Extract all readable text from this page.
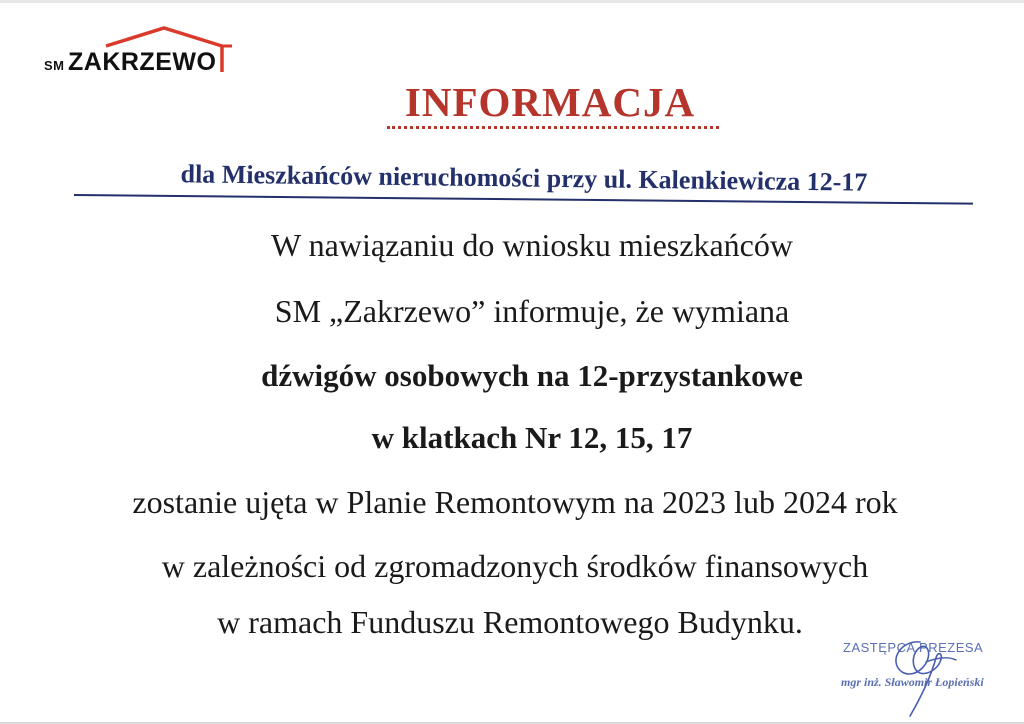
SM ZAKRZEWO
INFORMACJA
dla Mieszkańców nieruchomości przy ul. Kalenkiewicza 12-17
W nawiązaniu do wniosku mieszkańców
SM „Zakrzewo” informuje, że wymiana
dźwigów osobowych na 12-przystankowe
w klatkach Nr 12, 15, 17
zostanie ujęta w Planie Remontowym na 2023 lub 2024 rok
w zależności od zgromadzonych środków finansowych
w ramach Funduszu Remontowego Budynku.
ZASTĘPCA PREZESA
mgr inż. Sławomir Łopieński
